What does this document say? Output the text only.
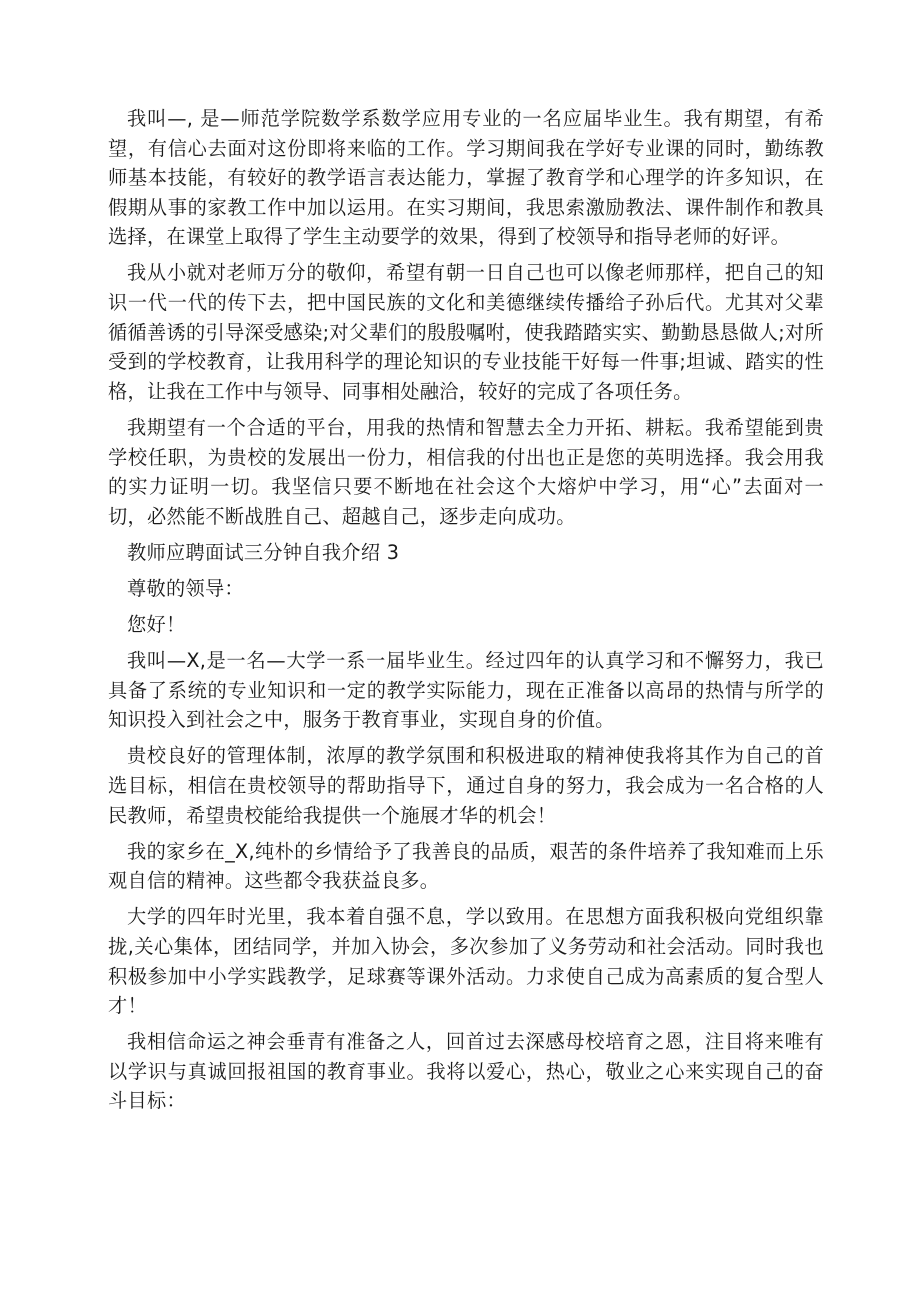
我叫—, 是—师范学院数学系数学应用专业的一名应届毕业生。我有期望，有希望，有信心去面对这份即将来临的工作。学习期间我在学好专业课的同时，勤练教师基本技能，有较好的教学语言表达能力，掌握了教育学和心理学的许多知识，在假期从事的家教工作中加以运用。在实习期间，我思索激励教法、课件制作和教具选择，在课堂上取得了学生主动要学的效果，得到了校领导和指导老师的好评。

我从小就对老师万分的敬仰，希望有朝一日自己也可以像老师那样，把自己的知识一代一代的传下去，把中国民族的文化和美德继续传播给子孙后代。尤其对父辈循循善诱的引导深受感染;对父辈们的殷殷嘱咐，使我踏踏实实、勤勤恳恳做人;对所受到的学校教育，让我用科学的理论知识的专业技能干好每一件事;坦诚、踏实的性格，让我在工作中与领导、同事相处融洽，较好的完成了各项任务。

我期望有一个合适的平台，用我的热情和智慧去全力开拓、耕耘。我希望能到贵学校任职，为贵校的发展出一份力，相信我的付出也正是您的英明选择。我会用我的实力证明一切。我坚信只要不断地在社会这个大熔炉中学习，用“心”去面对一切，必然能不断战胜自己、超越自己，逐步走向成功。

教师应聘面试三分钟自我介绍 3

尊敬的领导：

您好！

我叫—X,是一名—大学一系一届毕业生。经过四年的认真学习和不懈努力，我已具备了系统的专业知识和一定的教学实际能力，现在正准备以高昂的热情与所学的知识投入到社会之中，服务于教育事业，实现自身的价值。

贵校良好的管理体制，浓厚的教学氛围和积极进取的精神使我将其作为自己的首选目标，相信在贵校领导的帮助指导下，通过自身的努力，我会成为一名合格的人民教师，希望贵校能给我提供一个施展才华的机会！

我的家乡在_X,纯朴的乡情给予了我善良的品质，艰苦的条件培养了我知难而上乐观自信的精神。这些都令我获益良多。

大学的四年时光里，我本着自强不息，学以致用。在思想方面我积极向党组织靠拢,关心集体，团结同学，并加入协会，多次参加了义务劳动和社会活动。同时我也积极参加中小学实践教学，足球赛等课外活动。力求使自己成为高素质的复合型人才！

我相信命运之神会垂青有准备之人，回首过去深感母校培育之恩，注目将来唯有以学识与真诚回报祖国的教育事业。我将以爱心，热心，敬业之心来实现自己的奋斗目标：
